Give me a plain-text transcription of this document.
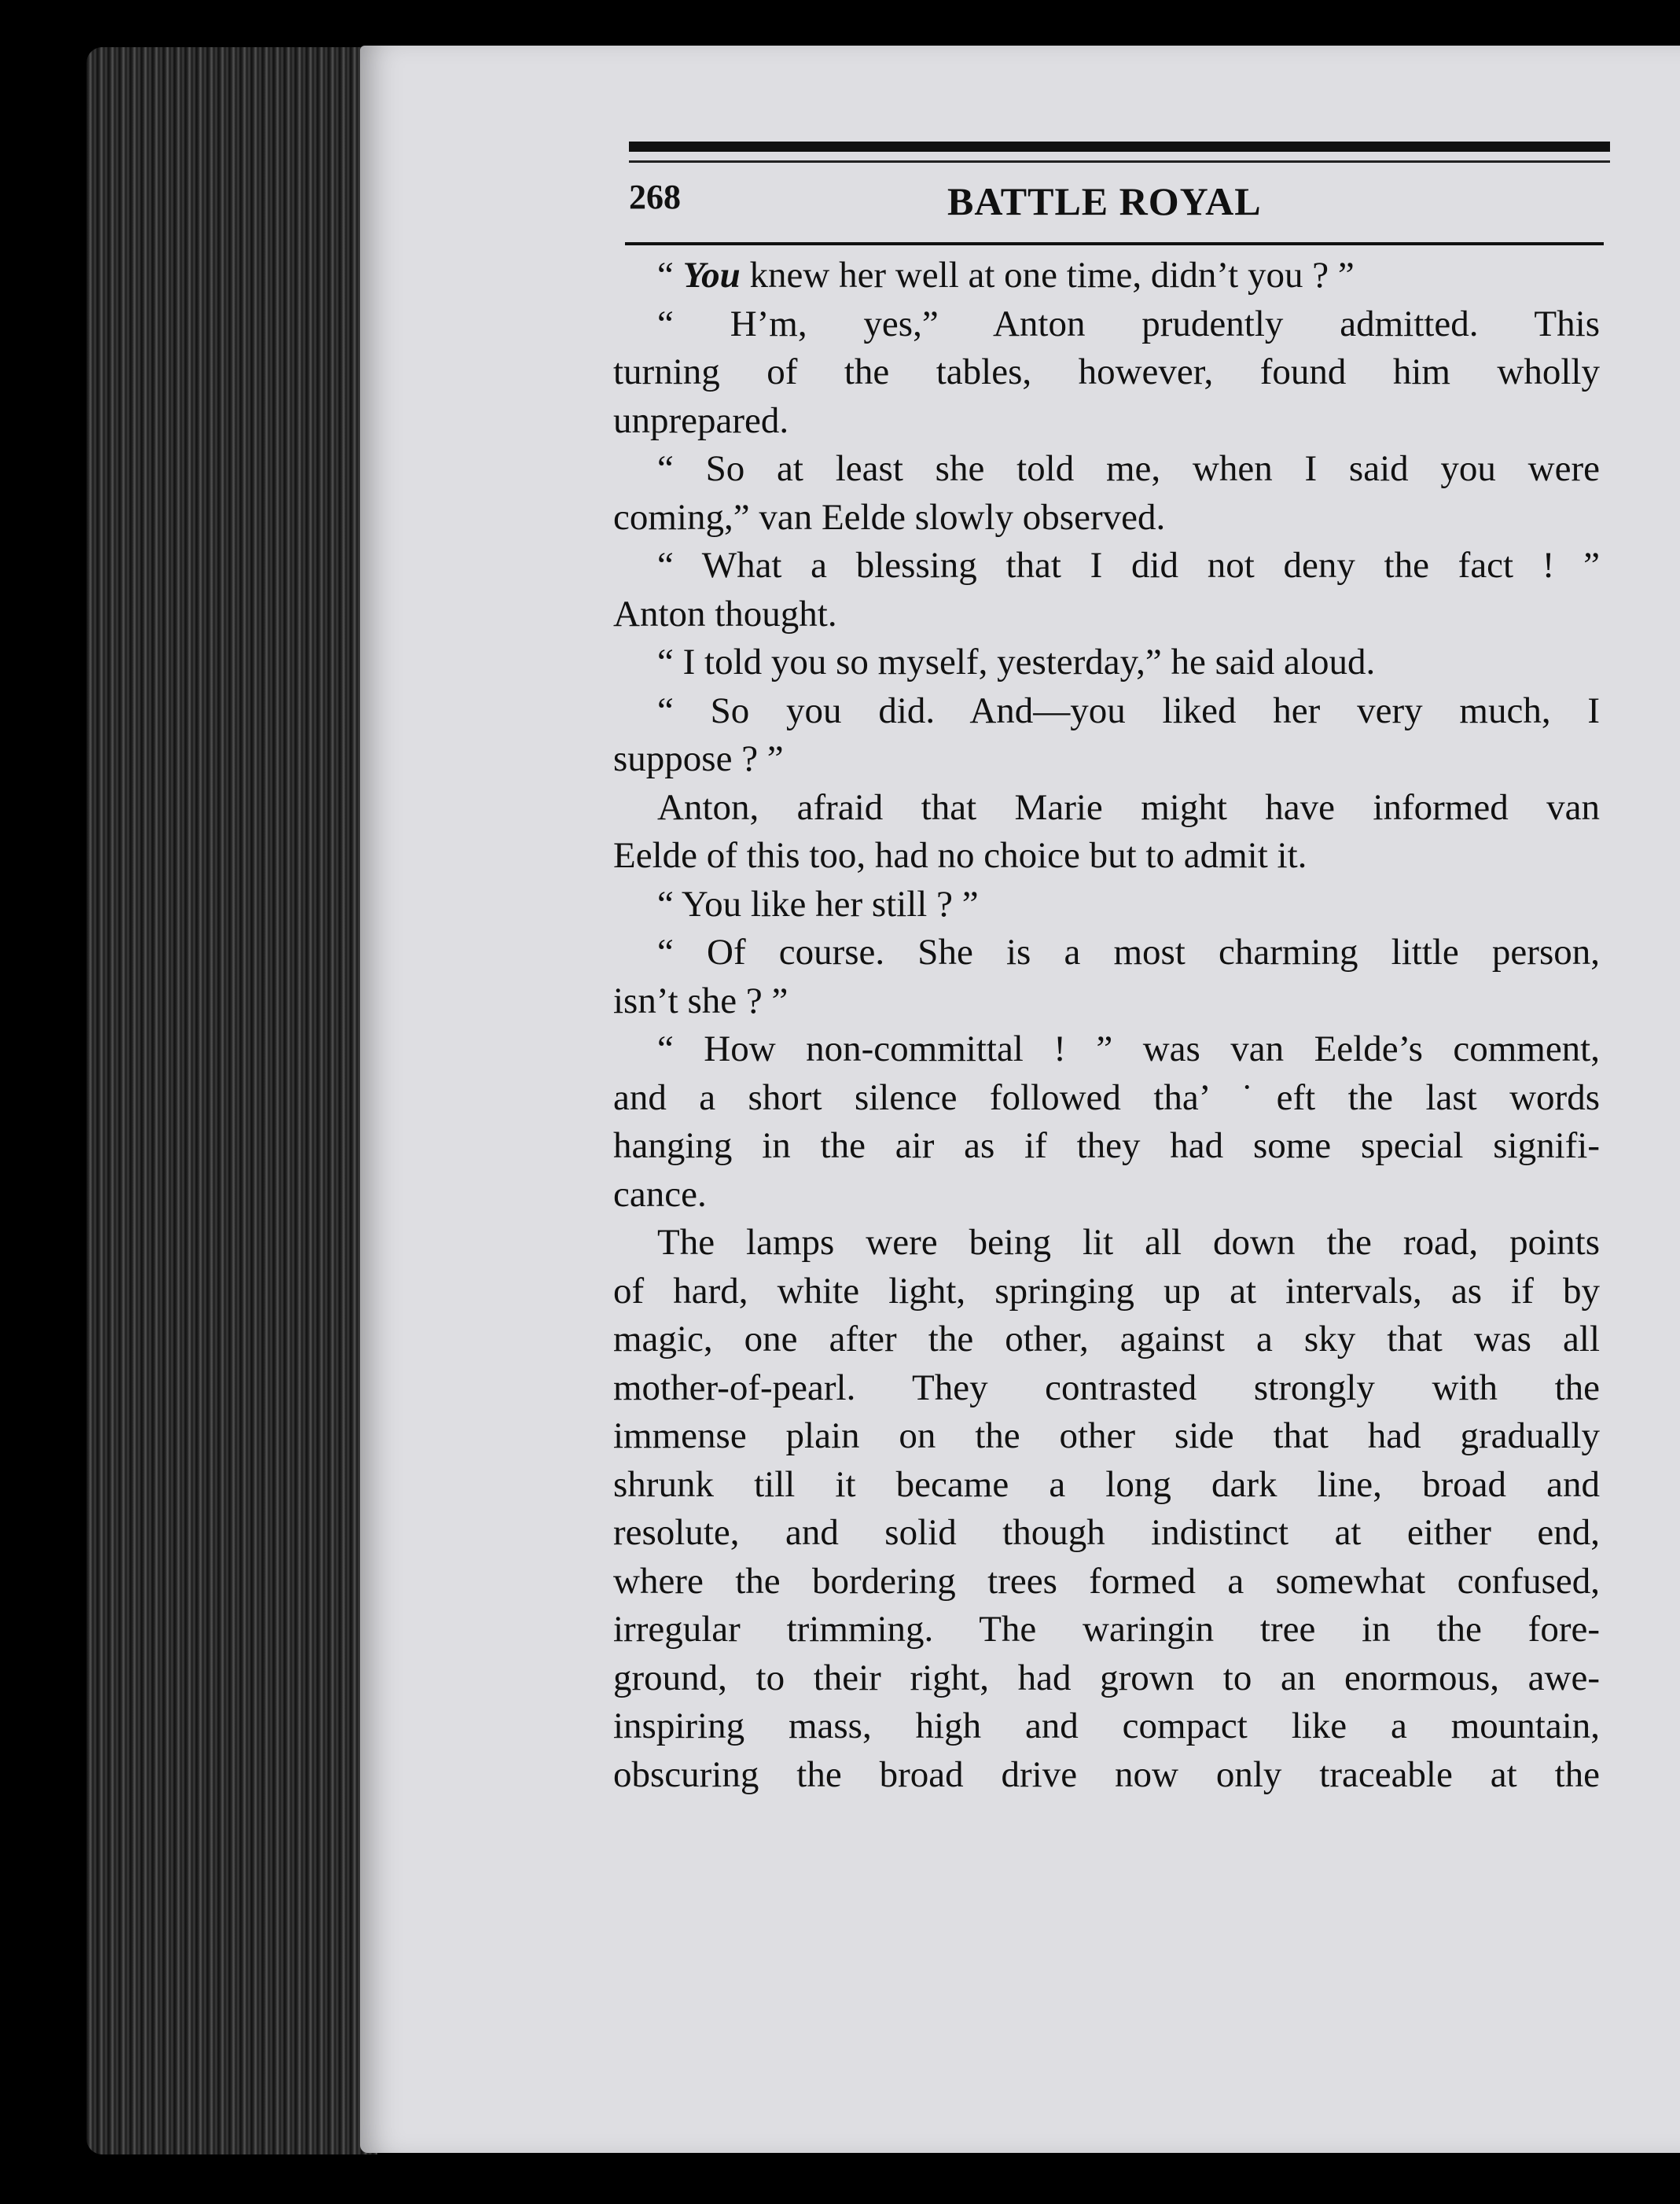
268	BATTLE ROYAL
“ You knew her well at one time, didn’t you ? ”
“ H’m, yes,” Anton prudently admitted. This
turning of the tables, however, found him wholly
unprepared.
“ So at least she told me, when I said you were
coming,” van Eelde slowly observed.
“ What a blessing that I did not deny the fact ! ”
Anton thought.
“ I told you so myself, yesterday,” he said aloud.
“ So you did. And—you liked her very much, I
suppose ? ”
Anton, afraid that Marie might have informed van
Eelde of this too, had no choice but to admit it.
“ You like her still ? ”
“ Of course. She is a most charming little person,
isn’t she ? ”
“ How non-committal ! ” was van Eelde’s comment,
and a short silence followed tha’ ˙eft the last words
hanging in the air as if they had some special signifi-
cance.
The lamps were being lit all down the road, points
of hard, white light, springing up at intervals, as if by
magic, one after the other, against a sky that was all
mother-of-pearl. They contrasted strongly with the
immense plain on the other side that had gradually
shrunk till it became a long dark line, broad and
resolute, and solid though indistinct at either end,
where the bordering trees formed a somewhat confused,
irregular trimming. The waringin tree in the fore-
ground, to their right, had grown to an enormous, awe-
inspiring mass, high and compact like a mountain,
obscuring the broad drive now only traceable at the
